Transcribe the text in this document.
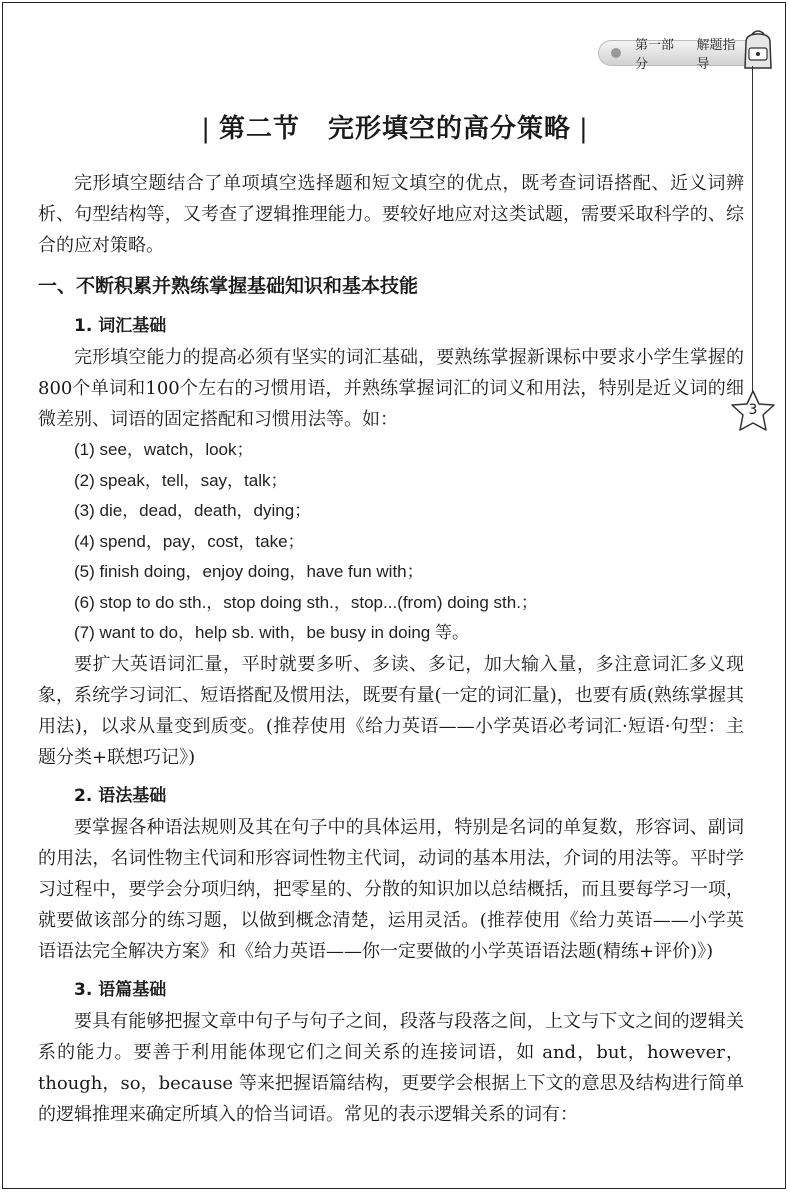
第一部分
解题指导
3
| 第二节 完形填空的高分策略 |

完形填空题结合了单项填空选择题和短文填空的优点，既考查词语搭配、近义词辨析、句型结构等，又考查了逻辑推理能力。要较好地应对这类试题，需要采取科学的、综合的应对策略。

一、不断积累并熟练掌握基础知识和基本技能
1. 词汇基础

完形填空能力的提高必须有坚实的词汇基础，要熟练掌握新课标中要求小学生掌握的800个单词和100个左右的习惯用语，并熟练掌握词汇的词义和用法，特别是近义词的细微差别、词语的固定搭配和习惯用法等。如：

(1) see，watch，look；
(2) speak，tell，say，talk；
(3) die，dead，death，dying；
(4) spend，pay，cost，take；
(5) finish doing，enjoy doing，have fun with；
(6) stop to do sth.，stop doing sth.，stop...(from) doing sth.；
(7) want to do，help sb. with，be busy in doing 等。

要扩大英语词汇量，平时就要多听、多读、多记，加大输入量，多注意词汇多义现象，系统学习词汇、短语搭配及惯用法，既要有量(一定的词汇量)，也要有质(熟练掌握其用法)，以求从量变到质变。(推荐使用《给力英语——小学英语必考词汇·短语·句型：主题分类+联想巧记》)

2. 语法基础

要掌握各种语法规则及其在句子中的具体运用，特别是名词的单复数，形容词、副词的用法，名词性物主代词和形容词性物主代词，动词的基本用法，介词的用法等。平时学习过程中，要学会分项归纳，把零星的、分散的知识加以总结概括，而且要每学习一项，就要做该部分的练习题，以做到概念清楚，运用灵活。(推荐使用《给力英语——小学英语语法完全解决方案》和《给力英语——你一定要做的小学英语语法题(精练+评价)》)

3. 语篇基础

要具有能够把握文章中句子与句子之间，段落与段落之间，上文与下文之间的逻辑关系的能力。要善于利用能体现它们之间关系的连接词语，如 and，but，however，though，so，because 等来把握语篇结构，更要学会根据上下文的意思及结构进行简单的逻辑推理来确定所填入的恰当词语。常见的表示逻辑关系的词有：
